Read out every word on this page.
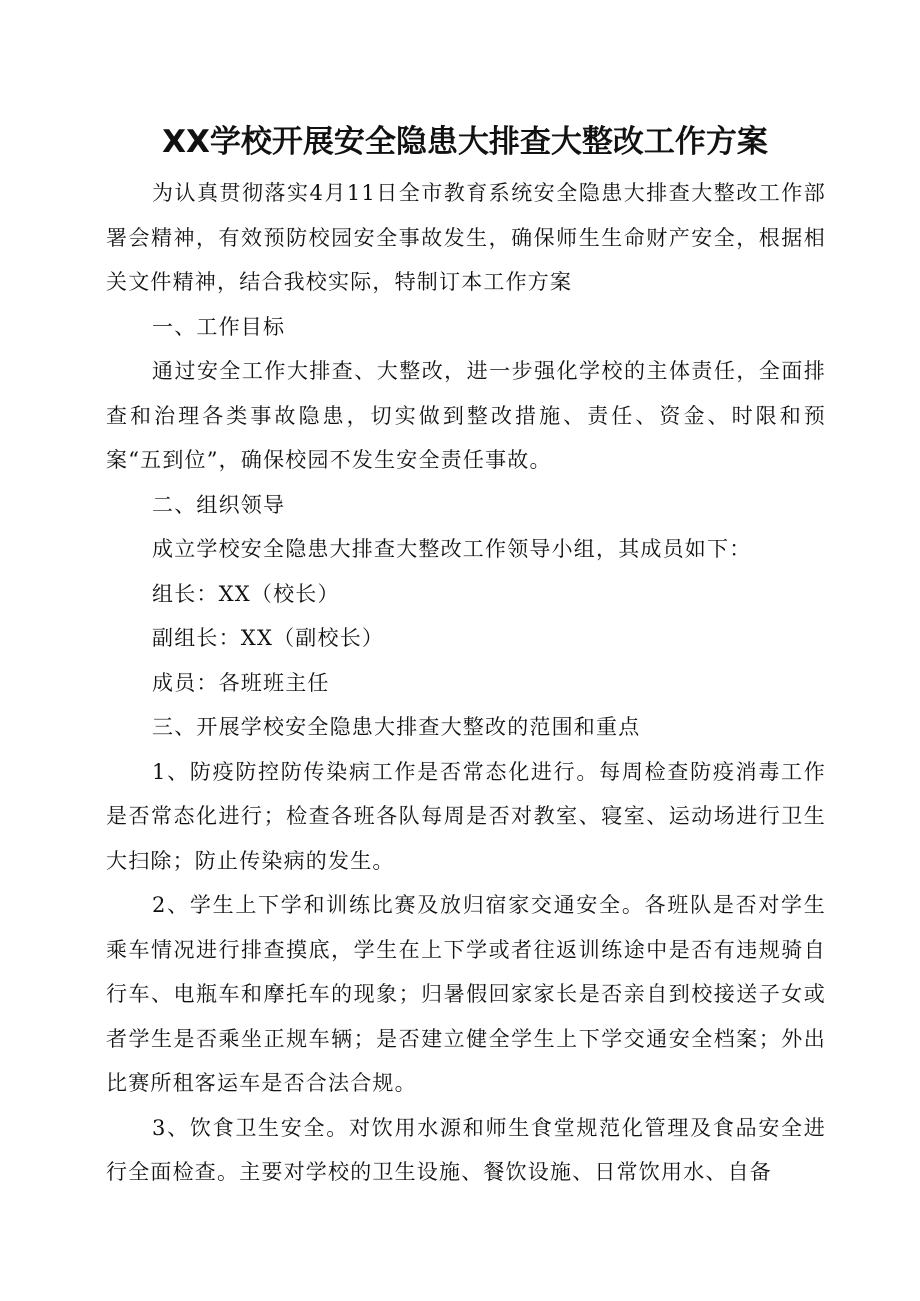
XX学校开展安全隐患大排查大整改工作方案

为认真贯彻落实4月11日全市教育系统安全隐患大排查大整改工作部署会精神，有效预防校园安全事故发生，确保师生生命财产安全，根据相关文件精神，结合我校实际，特制订本工作方案

一、工作目标

通过安全工作大排查、大整改，进一步强化学校的主体责任，全面排查和治理各类事故隐患，切实做到整改措施、责任、资金、时限和预案“五到位”，确保校园不发生安全责任事故。

二、组织领导

成立学校安全隐患大排查大整改工作领导小组，其成员如下：

组长：XX（校长）

副组长：XX（副校长）

成员：各班班主任

三、开展学校安全隐患大排查大整改的范围和重点

1、防疫防控防传染病工作是否常态化进行。每周检查防疫消毒工作是否常态化进行；检查各班各队每周是否对教室、寝室、运动场进行卫生大扫除；防止传染病的发生。

2、学生上下学和训练比赛及放归宿家交通安全。各班队是否对学生乘车情况进行排查摸底，学生在上下学或者往返训练途中是否有违规骑自行车、电瓶车和摩托车的现象；归暑假回家家长是否亲自到校接送子女或者学生是否乘坐正规车辆；是否建立健全学生上下学交通安全档案；外出比赛所租客运车是否合法合规。

3、饮食卫生安全。对饮用水源和师生食堂规范化管理及食品安全进行全面检查。主要对学校的卫生设施、餐饮设施、日常饮用水、自备
